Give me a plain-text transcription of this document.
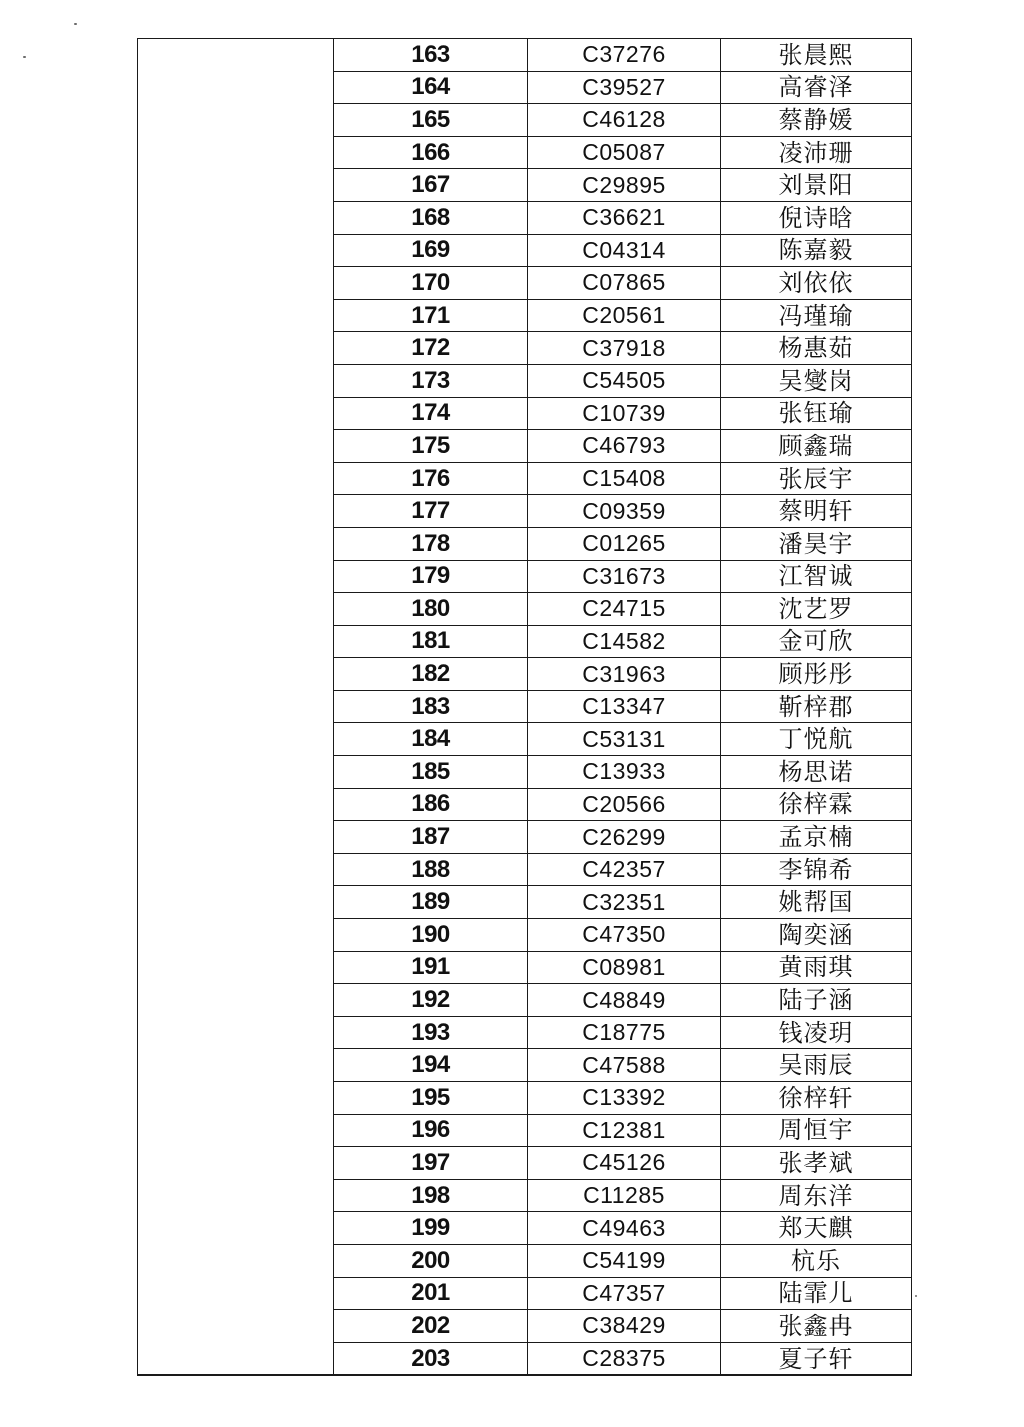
	163	C37276	张晨熙
	164	C39527	高睿泽
	165	C46128	蔡静媛
	166	C05087	凌沛珊
	167	C29895	刘景阳
	168	C36621	倪诗晗
	169	C04314	陈嘉毅
	170	C07865	刘依依
	171	C20561	冯瑾瑜
	172	C37918	杨惠茹
	173	C54505	吴燮岗
	174	C10739	张钰瑜
	175	C46793	顾鑫瑞
	176	C15408	张辰宇
	177	C09359	蔡明轩
	178	C01265	潘昊宇
	179	C31673	江智诚
	180	C24715	沈艺罗
	181	C14582	金可欣
	182	C31963	顾彤彤
	183	C13347	靳梓郡
	184	C53131	丁悦航
	185	C13933	杨思诺
	186	C20566	徐梓霖
	187	C26299	孟京楠
	188	C42357	李锦希
	189	C32351	姚帮国
	190	C47350	陶奕涵
	191	C08981	黄雨琪
	192	C48849	陆子涵
	193	C18775	钱凌玥
	194	C47588	吴雨辰
	195	C13392	徐梓轩
	196	C12381	周恒宇
	197	C45126	张孝斌
	198	C11285	周东洋
	199	C49463	郑天麒
	200	C54199	杭乐
	201	C47357	陆霏儿
	202	C38429	张鑫冉
	203	C28375	夏子轩
